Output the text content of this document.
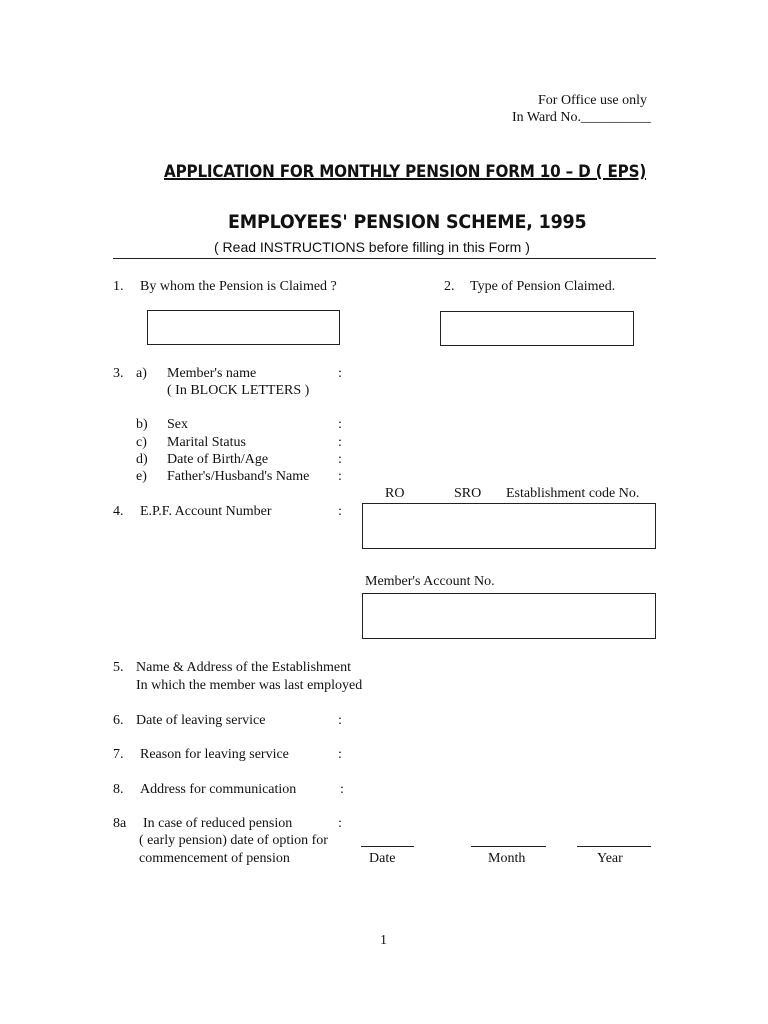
For Office use only
In Ward No.__________
APPLICATION FOR MONTHLY PENSION FORM 10 – D ( EPS)
EMPLOYEES' PENSION SCHEME, 1995
( Read INSTRUCTIONS before filling in this Form )
1. By whom the Pension is Claimed ?	2. Type of Pension Claimed.
3. a) Member's name	:
( In BLOCK LETTERS )
b) Sex	:
c) Marital Status	:
d) Date of Birth/Age	:
e) Father's/Husband's Name :
RO	SRO Establishment code No.
4. E.P.F. Account Number	:
Member's Account No.
5. Name & Address of the Establishment
In which the member was last employed
6. Date of leaving service	:
7. Reason for leaving service	:
8. Address for communication	:
8a In case of reduced pension	:
( early pension) date of option for
commencement of pension	Date	Month	Year
1
